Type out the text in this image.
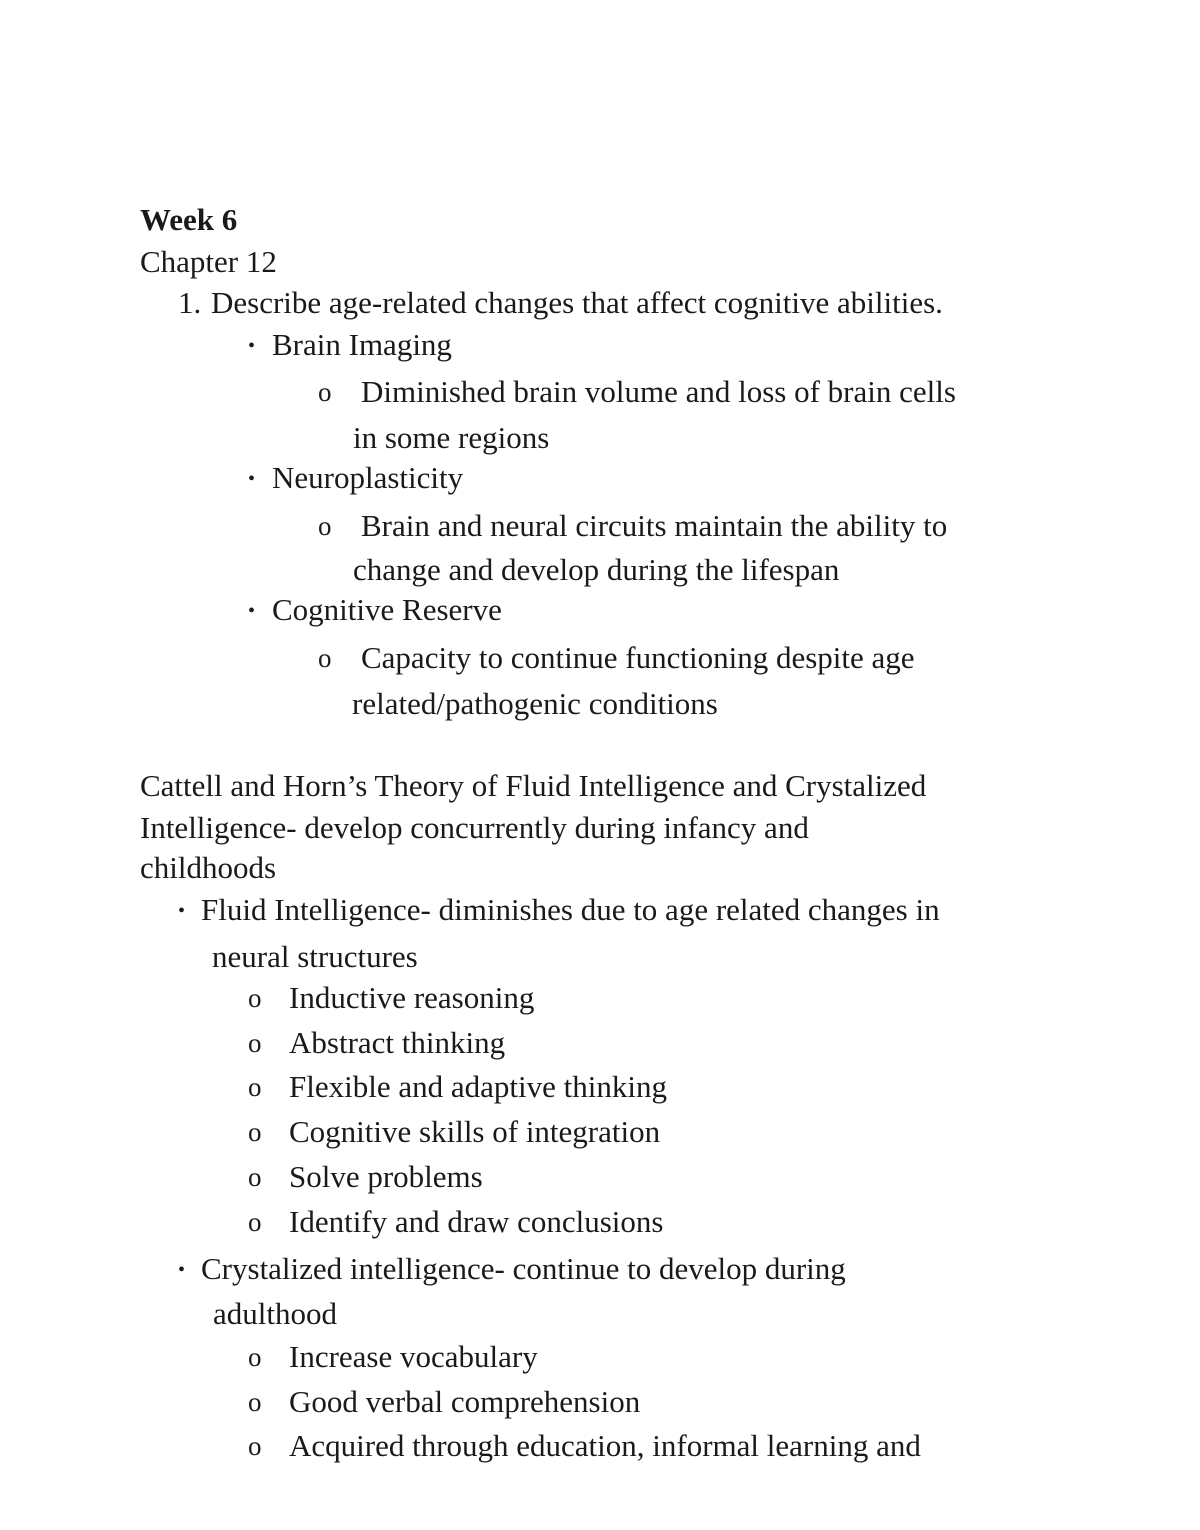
Week 6
Chapter 12
1. Describe age-related changes that affect cognitive abilities.
• Brain Imaging
o Diminished brain volume and loss of brain cells
in some regions
• Neuroplasticity
o Brain and neural circuits maintain the ability to
change and develop during the lifespan
• Cognitive Reserve
o Capacity to continue functioning despite age
related/pathogenic conditions
Cattell and Horn’s Theory of Fluid Intelligence and Crystalized
Intelligence- develop concurrently during infancy and
childhoods
• Fluid Intelligence- diminishes due to age related changes in
neural structures
o Inductive reasoning
o Abstract thinking
o Flexible and adaptive thinking
o Cognitive skills of integration
o Solve problems
o Identify and draw conclusions
• Crystalized intelligence- continue to develop during
adulthood
o Increase vocabulary
o Good verbal comprehension
o Acquired through education, informal learning and
